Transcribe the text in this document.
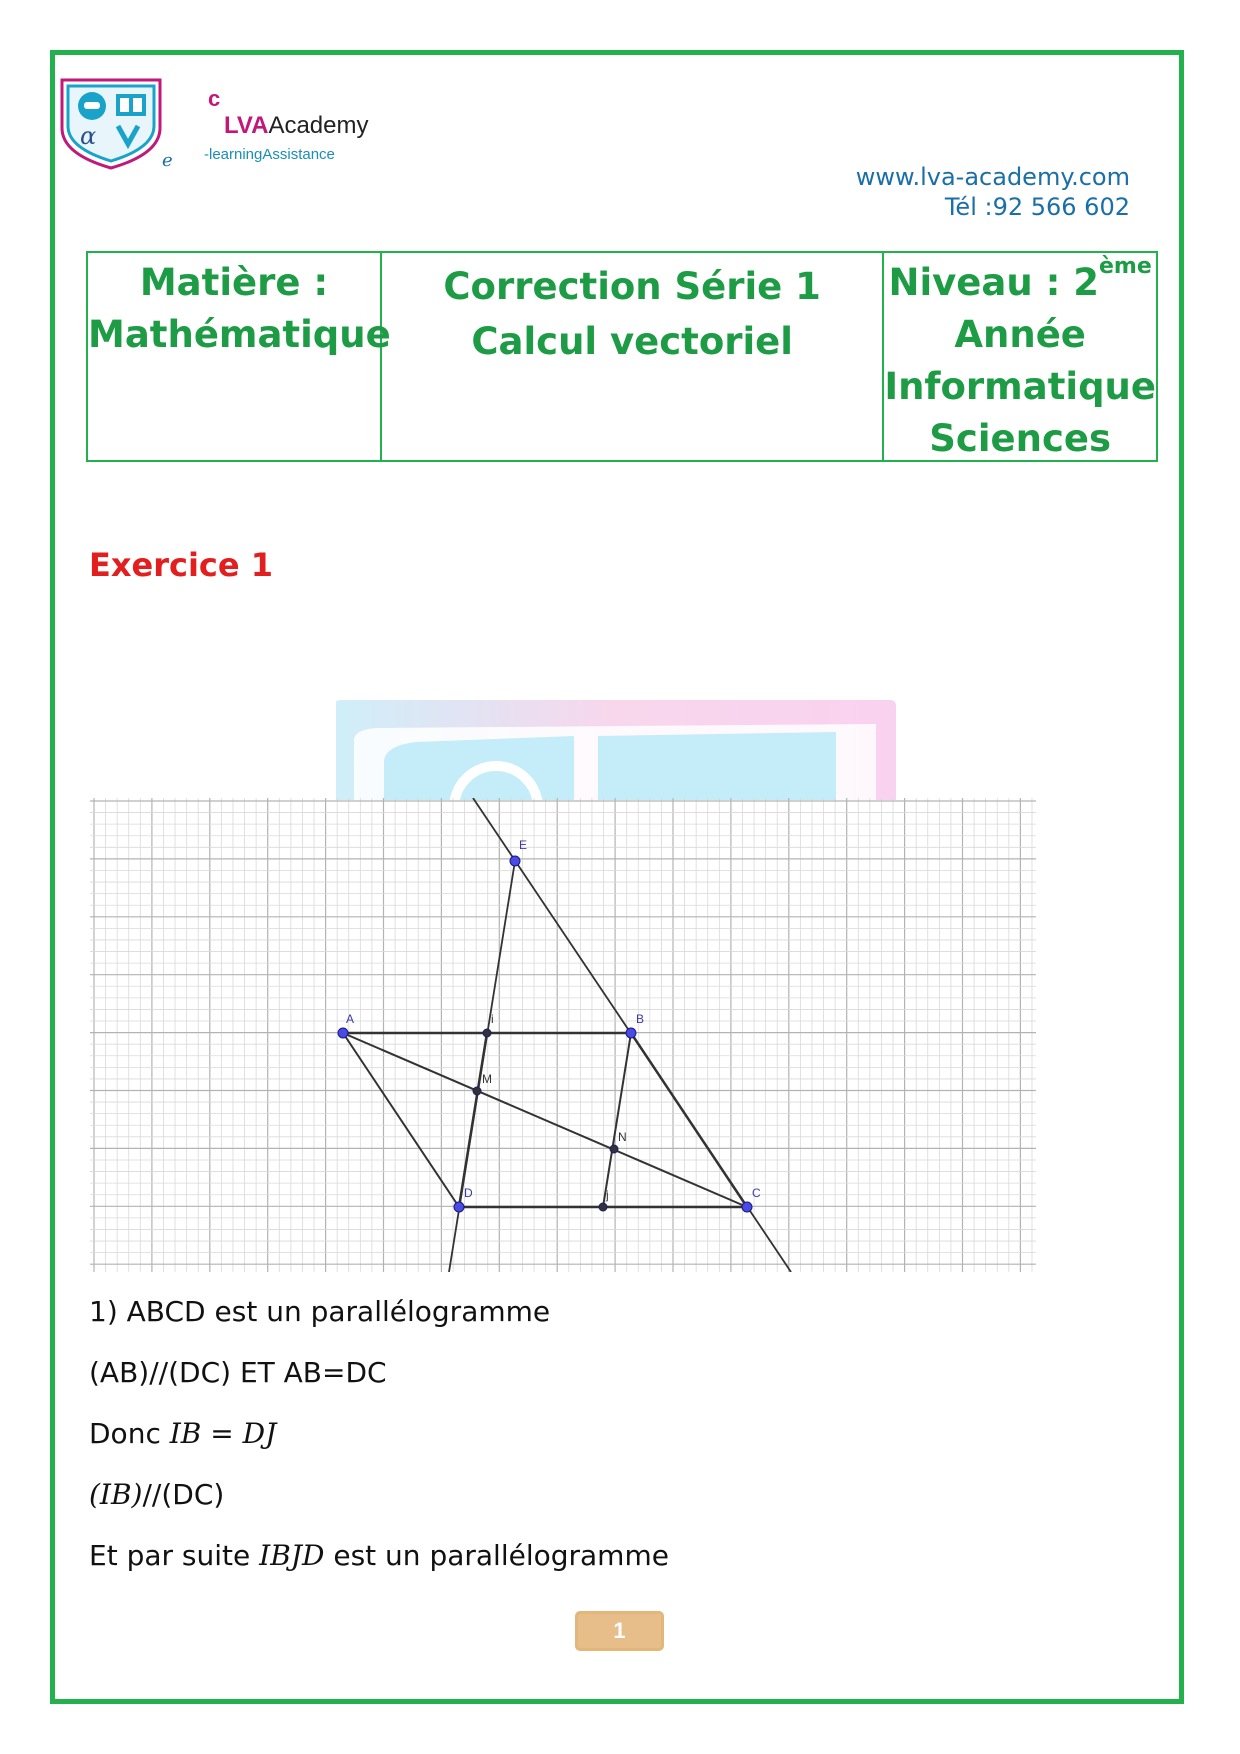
α
c
LVAAcademy
-learningAssistance
e
www.lva-academy.com
Tél :92 566 602
Matière :
Mathématique
Correction Série 1
Calcul vectoriel
Niveau : 2ème
Année
Informatique
Sciences
Exercice 1
A	B
C
D
E
i
j
M
N
1) ABCD est un parallélogramme
(AB)//(DC) ET AB=DC
Donc IB = DJ
(IB)//(DC)
Et par suite IBJD est un parallélogramme
1
